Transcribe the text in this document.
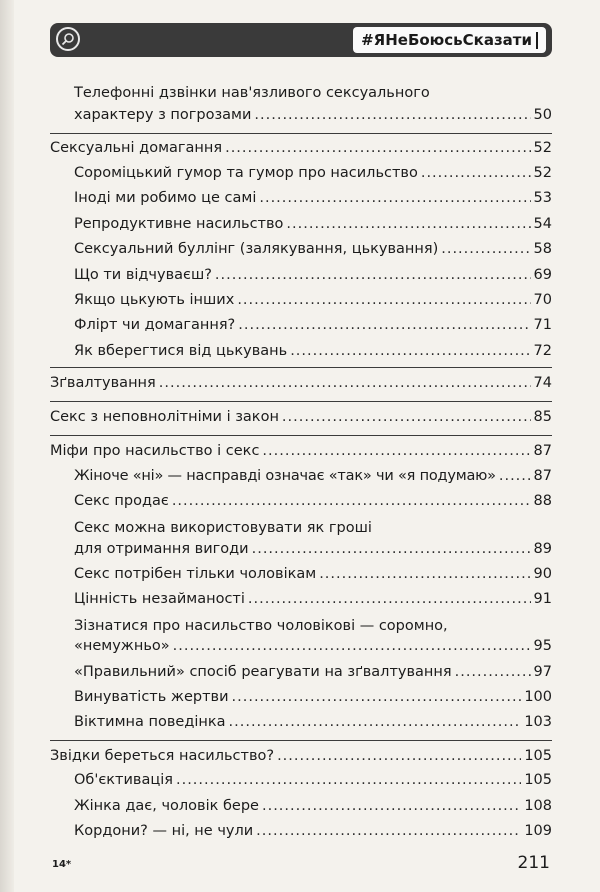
#ЯНеБоюсьСказати
Телефонні дзвінки нав'язливого сексуального
характеру з погрозами .....	50
Сексуальні домагання .....	52
Сороміцький гумор та гумор про насильство .....	52
Іноді ми робимо це самі .....	53
Репродуктивне насильство .....	54
Сексуальний буллінг (залякування, цькування) .....	58
Що ти відчуваєш? .....	69
Якщо цькують інших .....	70
Флірт чи домагання? .....	71
Як вберегтися від цькувань .....	72
Зґвалтування .....	74
Секс з неповнолітніми і закон .....	85
Міфи про насильство і секс .....	87
Жіноче «ні» — насправді означає «так» чи «я подумаю» .....	87
Секс продає .....	88
Секс можна використовувати як гроші
для отримання вигоди .....	89
Секс потрібен тільки чоловікам .....	90
Цінність незайманості .....	91
Зізнатися про насильство чоловікові — соромно,
«немужньо» .....	95
«Правильний» спосіб реагувати на зґвалтування .....	97
Винуватість жертви .....	100
Віктимна поведінка .....	103
Звідки береться насильство? .....	105
Об'єктивація .....	105
Жінка дає, чоловік бере .....	108
Кордони? — ні, не чули .....	109
14*	211
